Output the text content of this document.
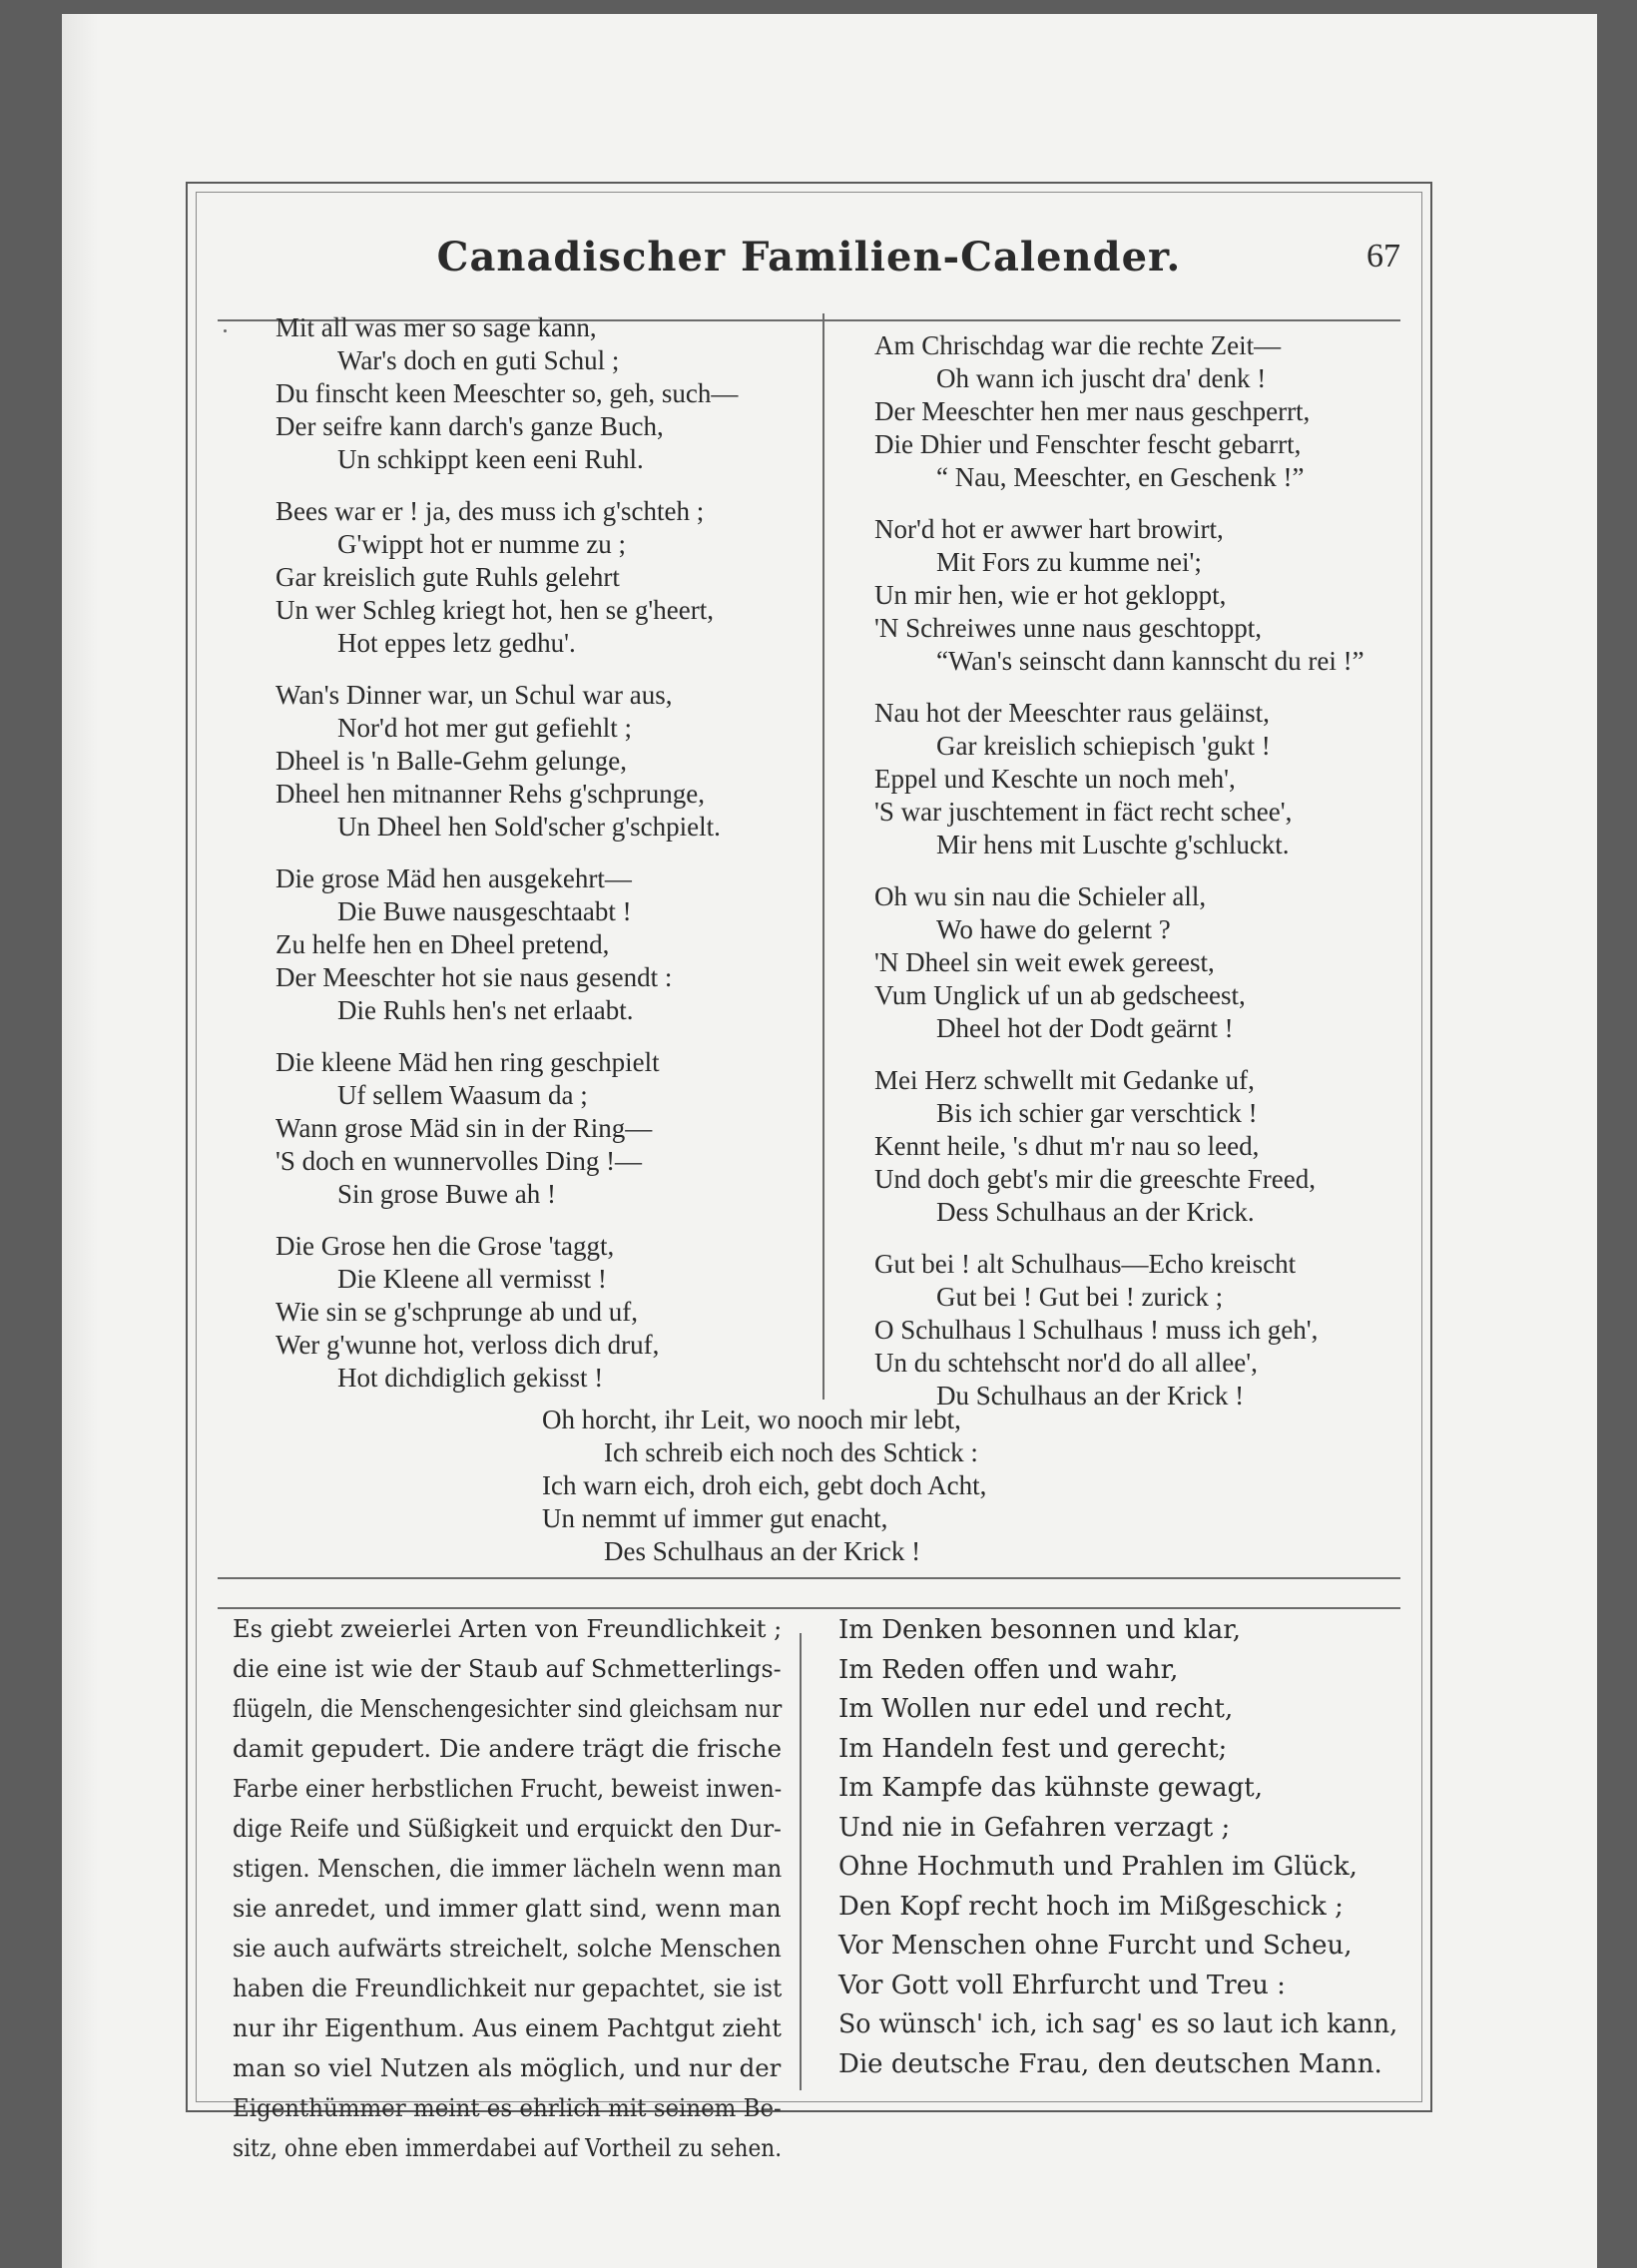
Canadischer Familien-Calender.	67
Mit all was mer so sage kann,
War's doch en guti Schul ;
Du finscht keen Meeschter so, geh, such—
Der seifre kann darch's ganze Buch,
Un schkippt keen eeni Ruhl.
Bees war er ! ja, des muss ich g'schteh ;
G'wippt hot er numme zu ;
Gar kreislich gute Ruhls gelehrt
Un wer Schleg kriegt hot, hen se g'heert,
Hot eppes letz gedhu'.
Wan's Dinner war, un Schul war aus,
Nor'd hot mer gut gefiehlt ;
Dheel is 'n Balle-Gehm gelunge,
Dheel hen mitnanner Rehs g'schprunge,
Un Dheel hen Sold'scher g'schpielt.
Die grose Mäd hen ausgekehrt—
Die Buwe nausgeschtaabt !
Zu helfe hen en Dheel pretend,
Der Meeschter hot sie naus gesendt :
Die Ruhls hen's net erlaabt.
Die kleene Mäd hen ring geschpielt
Uf sellem Waasum da ;
Wann grose Mäd sin in der Ring—
'S doch en wunnervolles Ding !—
Sin grose Buwe ah !
Die Grose hen die Grose 'taggt,
Die Kleene all vermisst !
Wie sin se g'schprunge ab und uf,
Wer g'wunne hot, verloss dich druf,
Hot dichdiglich gekisst !
Am Chrischdag war die rechte Zeit—
Oh wann ich juscht dra' denk !
Der Meeschter hen mer naus geschperrt,
Die Dhier und Fenschter fescht gebarrt,
“ Nau, Meeschter, en Geschenk !”
Nor'd hot er awwer hart browirt,
Mit Fors zu kumme nei';
Un mir hen, wie er hot gekloppt,
'N Schreiwes unne naus geschtoppt,
“Wan's seinscht dann kannscht du rei !”
Nau hot der Meeschter raus geläinst,
Gar kreislich schiepisch 'gukt !
Eppel und Keschte un noch meh',
'S war juschtement in fäct recht schee',
Mir hens mit Luschte g'schluckt.
Oh wu sin nau die Schieler all,
Wo hawe do gelernt ?
'N Dheel sin weit ewek gereest,
Vum Unglick uf un ab gedscheest,
Dheel hot der Dodt geärnt !
Mei Herz schwellt mit Gedanke uf,
Bis ich schier gar verschtick !
Kennt heile, 's dhut m'r nau so leed,
Und doch gebt's mir die greeschte Freed,
Dess Schulhaus an der Krick.
Gut bei ! alt Schulhaus—Echo kreischt
Gut bei ! Gut bei ! zurick ;
O Schulhaus l Schulhaus ! muss ich geh',
Un du schtehscht nor'd do all allee',
Du Schulhaus an der Krick !
Oh horcht, ihr Leit, wo nooch mir lebt,
Ich schreib eich noch des Schtick :
Ich warn eich, droh eich, gebt doch Acht,
Un nemmt uf immer gut enacht,
Des Schulhaus an der Krick !
Es giebt zweierlei Arten von Freundlichkeit ;
die eine ist wie der Staub auf Schmetterlings-
flügeln, die Menschengesichter sind gleichsam nur
damit gepudert. Die andere trägt die frische
Farbe einer herbstlichen Frucht, beweist inwen-
dige Reife und Süßigkeit und erquickt den Dur-
stigen. Menschen, die immer lächeln wenn man
sie anredet, und immer glatt sind, wenn man
sie auch aufwärts streichelt, solche Menschen
haben die Freundlichkeit nur gepachtet, sie ist
nur ihr Eigenthum. Aus einem Pachtgut zieht
man so viel Nutzen als möglich, und nur der
Eigenthümmer meint es ehrlich mit seinem Be-
sitz, ohne eben immerdabei auf Vortheil zu sehen.
Im Denken besonnen und klar,
Im Reden offen und wahr,
Im Wollen nur edel und recht,
Im Handeln fest und gerecht;
Im Kampfe das kühnste gewagt,
Und nie in Gefahren verzagt ;
Ohne Hochmuth und Prahlen im Glück,
Den Kopf recht hoch im Mißgeschick ;
Vor Menschen ohne Furcht und Scheu,
Vor Gott voll Ehrfurcht und Treu :
So wünsch' ich, ich sag' es so laut ich kann,
Die deutsche Frau, den deutschen Mann.
